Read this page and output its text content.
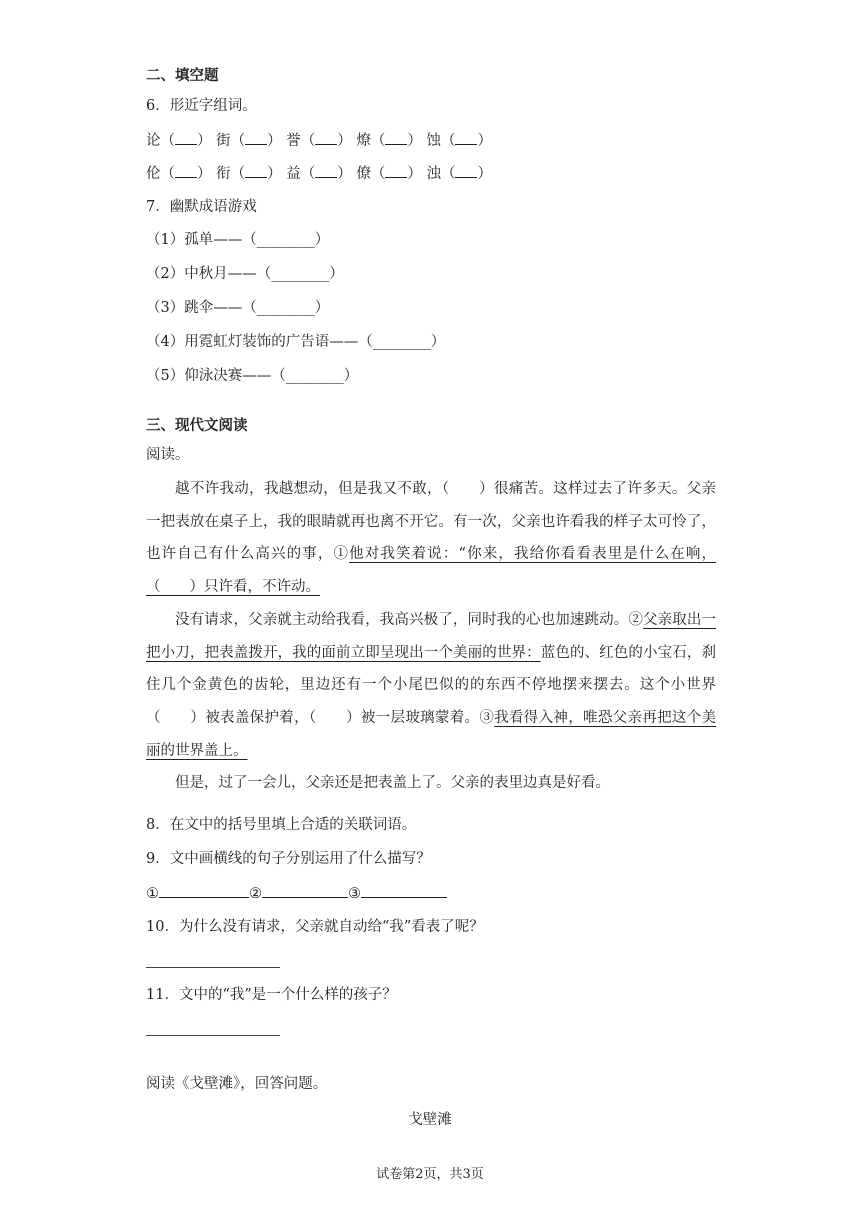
二、填空题
6．形近字组词。
论（ ） 街（ ） 誉（ ） 燎（ ） 蚀（ ）
伦（ ） 衔（ ） 益（ ） 僚（ ） 浊（ ）
7．幽默成语游戏
（1）孤单——（________）
（2）中秋月——（________）
（3）跳伞——（________）
（4）用霓虹灯装饰的广告语——（________）
（5）仰泳决赛——（________）
三、现代文阅读
阅读。

越不许我动，我越想动，但是我又不敢，（　　）很痛苦。这样过去了许多天。父亲一把表放在桌子上，我的眼睛就再也离不开它。有一次，父亲也许看我的样子太可怜了，也许自己有什么高兴的事，①他对我笑着说：“你来，我给你看看表里是什么在响，（　　）只许看，不许动。

没有请求，父亲就主动给我看，我高兴极了，同时我的心也加速跳动。②父亲取出一把小刀，把表盖拨开，我的面前立即呈现出一个美丽的世界：蓝色的、红色的小宝石，刹住几个金黄色的齿轮，里边还有一个小尾巴似的的东西不停地摆来摆去。这个小世界（　　）被表盖保护着，（　　）被一层玻璃蒙着。③我看得入神，唯恐父亲再把这个美丽的世界盖上。

但是，过了一会儿，父亲还是把表盖上了。父亲的表里边真是好看。

8．在文中的括号里填上合适的关联词语。
9．文中画横线的句子分别运用了什么描写？
①	②	③
10．为什么没有请求，父亲就自动给“我”看表了呢？
11．文中的“我”是一个什么样的孩子？
阅读《戈壁滩》，回答问题。
戈壁滩
试卷第2页，共3页
